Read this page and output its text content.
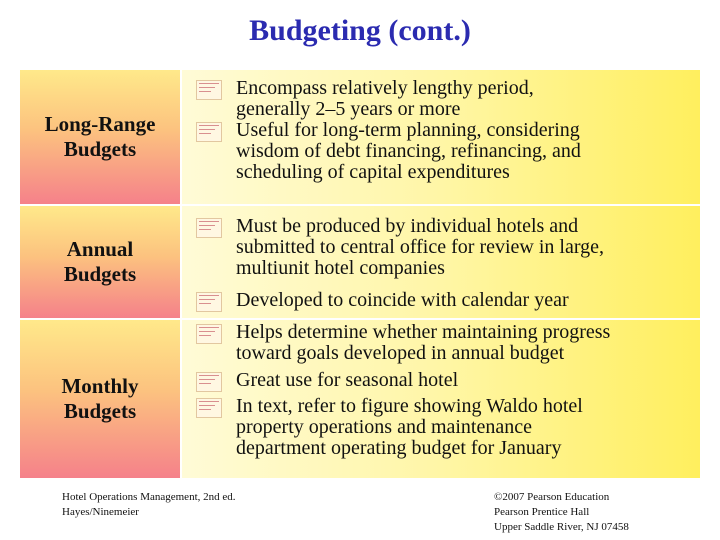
Budgeting (cont.)
Long-Range Budgets
Encompass relatively lengthy period,
generally 2–5 years or more
Useful for long-term planning, considering
wisdom of debt financing, refinancing, and
scheduling of capital expenditures
Annual Budgets
Must be produced by individual hotels and
submitted to central office for review in large,
multiunit hotel companies
Developed to coincide with calendar year
Monthly Budgets
Helps determine whether maintaining progress
toward goals developed in annual budget
Great use for seasonal hotel
In text, refer to figure showing Waldo hotel
property operations and maintenance
department operating budget for January
Hotel Operations Management, 2nd ed.
Hayes/Ninemeier
©2007 Pearson Education
Pearson Prentice Hall
Upper Saddle River, NJ 07458
